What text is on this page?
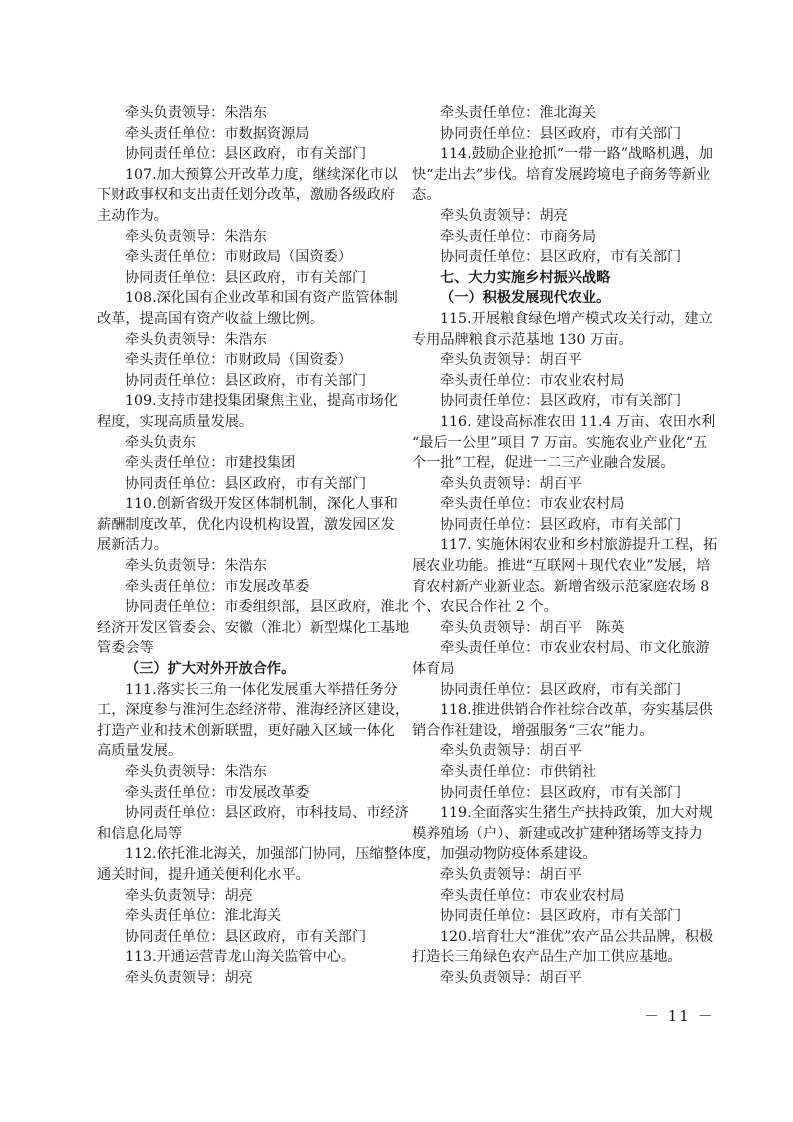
牵头负责领导：朱浩东
牵头责任单位：市数据资源局
协同责任单位：县区政府，市有关部门
107.加大预算公开改革力度，继续深化市以
下财政事权和支出责任划分改革，激励各级政府
主动作为。
牵头负责领导：朱浩东
牵头责任单位：市财政局（国资委）
协同责任单位：县区政府，市有关部门
108.深化国有企业改革和国有资产监管体制
改革，提高国有资产收益上缴比例。
牵头负责领导：朱浩东
牵头责任单位：市财政局（国资委）
协同责任单位：县区政府，市有关部门
109.支持市建投集团聚焦主业，提高市场化
程度，实现高质量发展。
牵头负责东
牵头责任单位：市建投集团
协同责任单位：县区政府，市有关部门
110.创新省级开发区体制机制，深化人事和
薪酬制度改革，优化内设机构设置，激发园区发
展新活力。
牵头负责领导：朱浩东
牵头责任单位：市发展改革委
协同责任单位：市委组织部，县区政府，淮北
经济开发区管委会、安徽（淮北）新型煤化工基地
管委会等
（三）扩大对外开放合作。
111.落实长三角一体化发展重大举措任务分
工，深度参与淮河生态经济带、淮海经济区建设，
打造产业和技术创新联盟，更好融入区域一体化
高质量发展。
牵头负责领导：朱浩东
牵头责任单位：市发展改革委
协同责任单位：县区政府，市科技局、市经济
和信息化局等
112.依托淮北海关，加强部门协同，压缩整体
通关时间，提升通关便利化水平。
牵头负责领导：胡亮
牵头责任单位：淮北海关
协同责任单位：县区政府，市有关部门
113.开通运营青龙山海关监管中心。
牵头负责领导：胡亮
牵头责任单位：淮北海关
协同责任单位：县区政府，市有关部门
114.鼓励企业抢抓“一带一路”战略机遇，加
快“走出去”步伐。培育发展跨境电子商务等新业
态。
牵头负责领导：胡亮
牵头责任单位：市商务局
协同责任单位：县区政府，市有关部门
七、大力实施乡村振兴战略
（一）积极发展现代农业。
115.开展粮食绿色增产模式攻关行动，建立
专用品牌粮食示范基地 130 万亩。
牵头负责领导：胡百平
牵头责任单位：市农业农村局
协同责任单位：县区政府，市有关部门
116. 建设高标准农田 11.4 万亩、农田水利
“最后一公里”项目 7 万亩。实施农业产业化“五
个一批”工程，促进一二三产业融合发展。
牵头负责领导：胡百平
牵头责任单位：市农业农村局
协同责任单位：县区政府，市有关部门
117. 实施休闲农业和乡村旅游提升工程，拓
展农业功能。推进“互联网＋现代农业”发展，培
育农村新产业新业态。新增省级示范家庭农场 8
个、农民合作社 2 个。
牵头负责领导：胡百平　陈英
牵头责任单位：市农业农村局、市文化旅游
体育局
协同责任单位：县区政府，市有关部门
118.推进供销合作社综合改革，夯实基层供
销合作社建设，增强服务“三农”能力。
牵头负责领导：胡百平
牵头责任单位：市供销社
协同责任单位：县区政府，市有关部门
119.全面落实生猪生产扶持政策，加大对规
模养殖场（户）、新建或改扩建种猪场等支持力
度，加强动物防疫体系建设。
牵头负责领导：胡百平
牵头责任单位：市农业农村局
协同责任单位：县区政府，市有关部门
120.培育壮大“淮优”农产品公共品牌，积极
打造长三角绿色农产品生产加工供应基地。
牵头负责领导：胡百平
－ 11 －
